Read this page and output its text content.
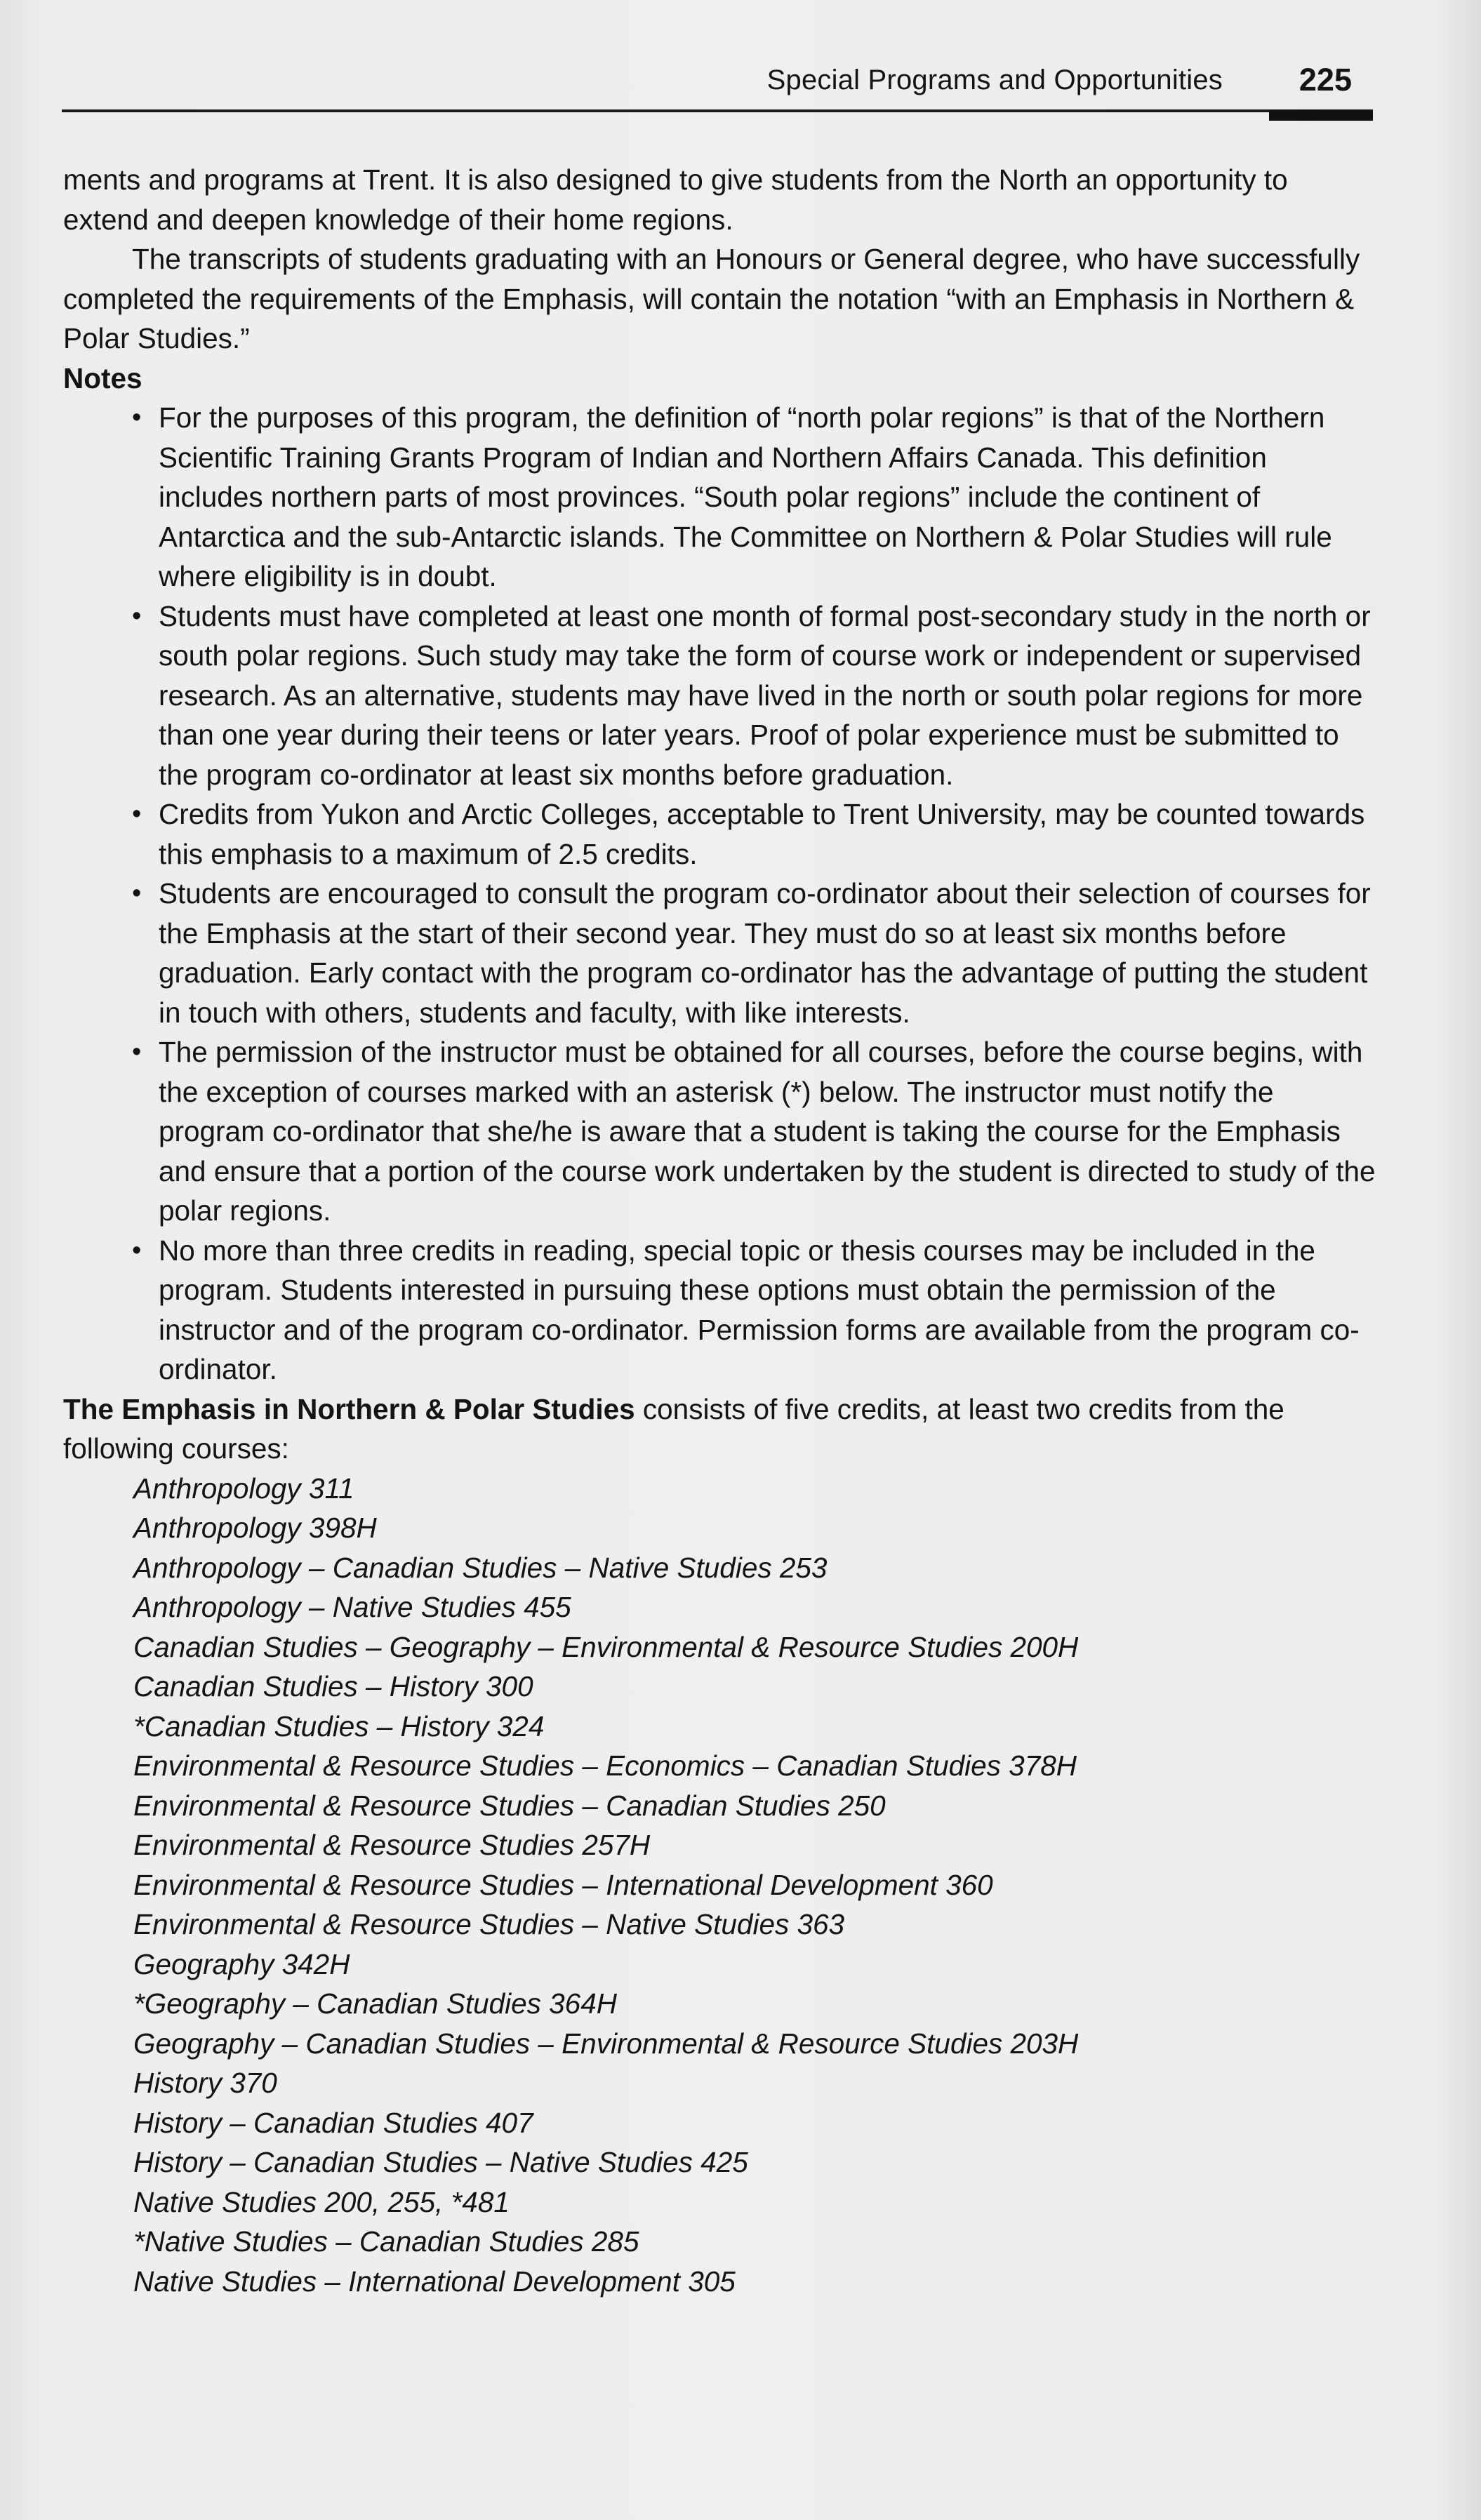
Special Programs and Opportunities 225

ments and programs at Trent. It is also designed to give students from the North an opportunity to extend and deepen knowledge of their home regions.

The transcripts of students graduating with an Honours or General degree, who have successfully completed the requirements of the Emphasis, will contain the notation “with an Emphasis in Northern & Polar Studies.”

Notes

• For the purposes of this program, the definition of “north polar regions” is that of the Northern Scientific Training Grants Program of Indian and Northern Affairs Canada. This definition includes northern parts of most provinces. “South polar regions” include the continent of Antarctica and the sub-Antarctic islands. The Committee on Northern & Polar Studies will rule where eligibility is in doubt.
• Students must have completed at least one month of formal post-secondary study in the north or south polar regions. Such study may take the form of course work or independent or supervised research. As an alternative, students may have lived in the north or south polar regions for more than one year during their teens or later years. Proof of polar experience must be submitted to the program co-ordinator at least six months before graduation.
• Credits from Yukon and Arctic Colleges, acceptable to Trent University, may be counted towards this emphasis to a maximum of 2.5 credits.
• Students are encouraged to consult the program co-ordinator about their selection of courses for the Emphasis at the start of their second year. They must do so at least six months before graduation. Early contact with the program co-ordinator has the advantage of putting the student in touch with others, students and faculty, with like interests.
• The permission of the instructor must be obtained for all courses, before the course begins, with the exception of courses marked with an asterisk (*) below. The instructor must notify the program co-ordinator that she/he is aware that a student is taking the course for the Emphasis and ensure that a portion of the course work undertaken by the student is directed to study of the polar regions.
• No more than three credits in reading, special topic or thesis courses may be included in the program. Students interested in pursuing these options must obtain the permission of the instructor and of the program co-ordinator. Permission forms are available from the program co-ordinator.

The Emphasis in Northern & Polar Studies consists of five credits, at least two credits from the following courses:

Anthropology 311
Anthropology 398H
Anthropology – Canadian Studies – Native Studies 253
Anthropology – Native Studies 455
Canadian Studies – Geography – Environmental & Resource Studies 200H
Canadian Studies – History 300
*Canadian Studies – History 324
Environmental & Resource Studies – Economics – Canadian Studies 378H
Environmental & Resource Studies – Canadian Studies 250
Environmental & Resource Studies 257H
Environmental & Resource Studies – International Development 360
Environmental & Resource Studies – Native Studies 363
Geography 342H
*Geography – Canadian Studies 364H
Geography – Canadian Studies – Environmental & Resource Studies 203H
History 370
History – Canadian Studies 407
History – Canadian Studies – Native Studies 425
Native Studies 200, 255, *481
*Native Studies – Canadian Studies 285
Native Studies – International Development 305
